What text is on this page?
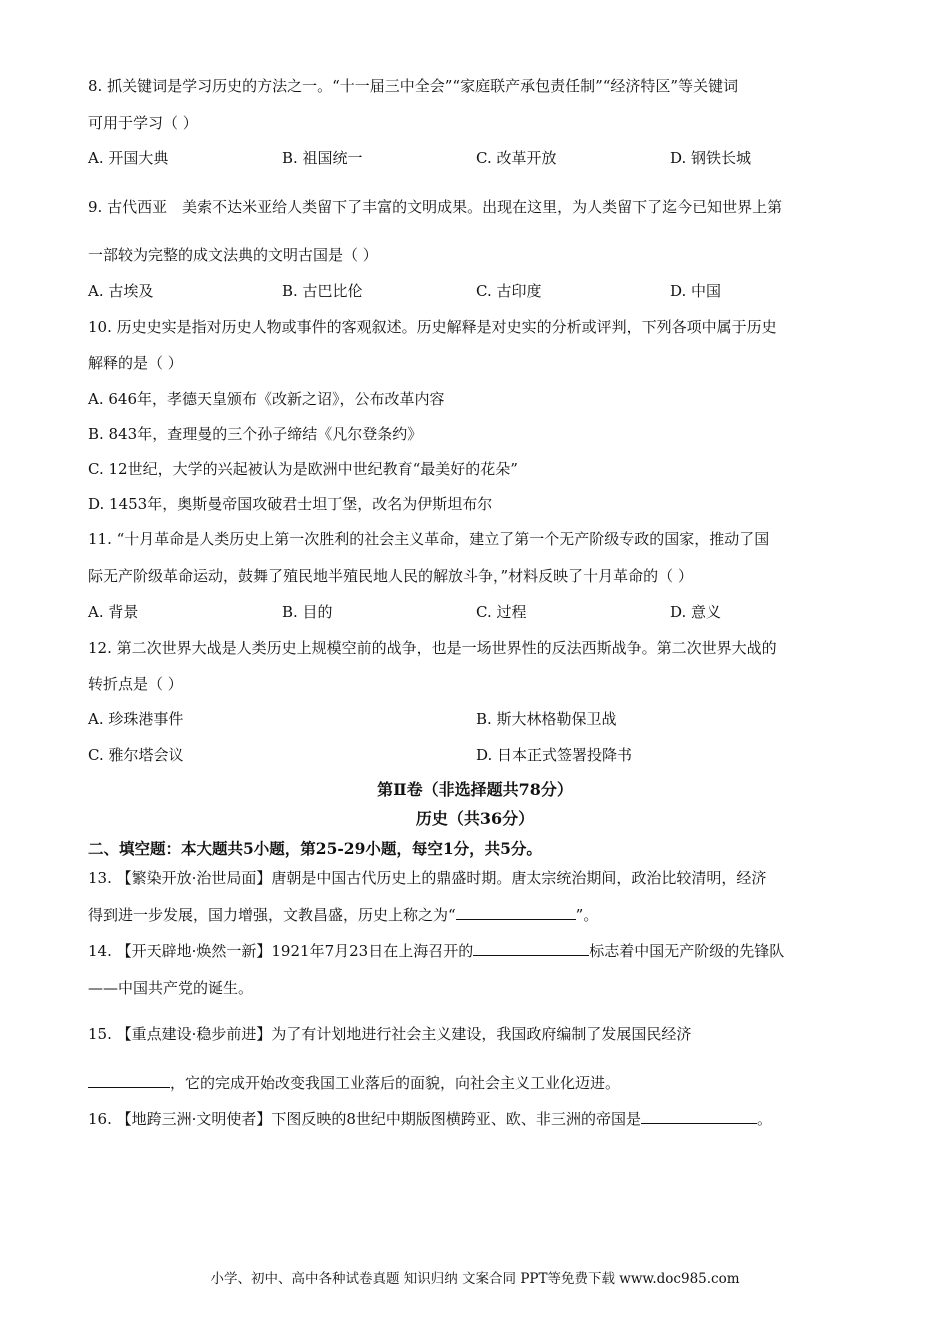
8. 抓关键词是学习历史的方法之一。“十一届三中全会”“家庭联产承包责任制”“经济特区”等关键词
可用于学习（ ）
A. 开国大典	B. 祖国统一	C. 改革开放	D. 钢铁长城
9. 古代西亚　美索不达米亚给人类留下了丰富的文明成果。出现在这里，为人类留下了迄今已知世界上第
一部较为完整的成文法典的文明古国是（ ）
A. 古埃及	B. 古巴比伦	C. 古印度	D. 中国
10. 历史史实是指对历史人物或事件的客观叙述。历史解释是对史实的分析或评判，下列各项中属于历史
解释的是（ ）
A. 646年，孝德天皇颁布《改新之诏》，公布改革内容
B. 843年，查理曼的三个孙子缔结《凡尔登条约》
C. 12世纪，大学的兴起被认为是欧洲中世纪教育“最美好的花朵”
D. 1453年，奥斯曼帝国攻破君士坦丁堡，改名为伊斯坦布尔
11. “十月革命是人类历史上第一次胜利的社会主义革命，建立了第一个无产阶级专政的国家，推动了国
际无产阶级革命运动，鼓舞了殖民地半殖民地人民的解放斗争，”材料反映了十月革命的（ ）
A. 背景	B. 目的	C. 过程	D. 意义
12. 第二次世界大战是人类历史上规模空前的战争，也是一场世界性的反法西斯战争。第二次世界大战的
转折点是（ ）
A. 珍珠港事件	B. 斯大林格勒保卫战
C. 雅尔塔会议	D. 日本正式签署投降书
第Ⅱ卷（非选择题共78分）
历史（共36分）
二、填空题：本大题共5小题，第25-29小题，每空1分，共5分。
13. 【繁染开放·治世局面】唐朝是中国古代历史上的鼎盛时期。唐太宗统治期间，政治比较清明，经济
得到进一步发展，国力增强，文教昌盛，历史上称之为“	”。
14. 【开天辟地·焕然一新】1921年7月23日在上海召开的	标志着中国无产阶级的先锋队
——中国共产党的诞生。
15. 【重点建设·稳步前进】为了有计划地进行社会主义建设，我国政府编制了发展国民经济
，它的完成开始改变我国工业落后的面貌，向社会主义工业化迈进。
16. 【地跨三洲·文明使者】下图反映的8世纪中期版图横跨亚、欧、非三洲的帝国是	。
小学、初中、高中各种试卷真题 知识归纳 文案合同 PPT等免费下载 www.doc985.com
